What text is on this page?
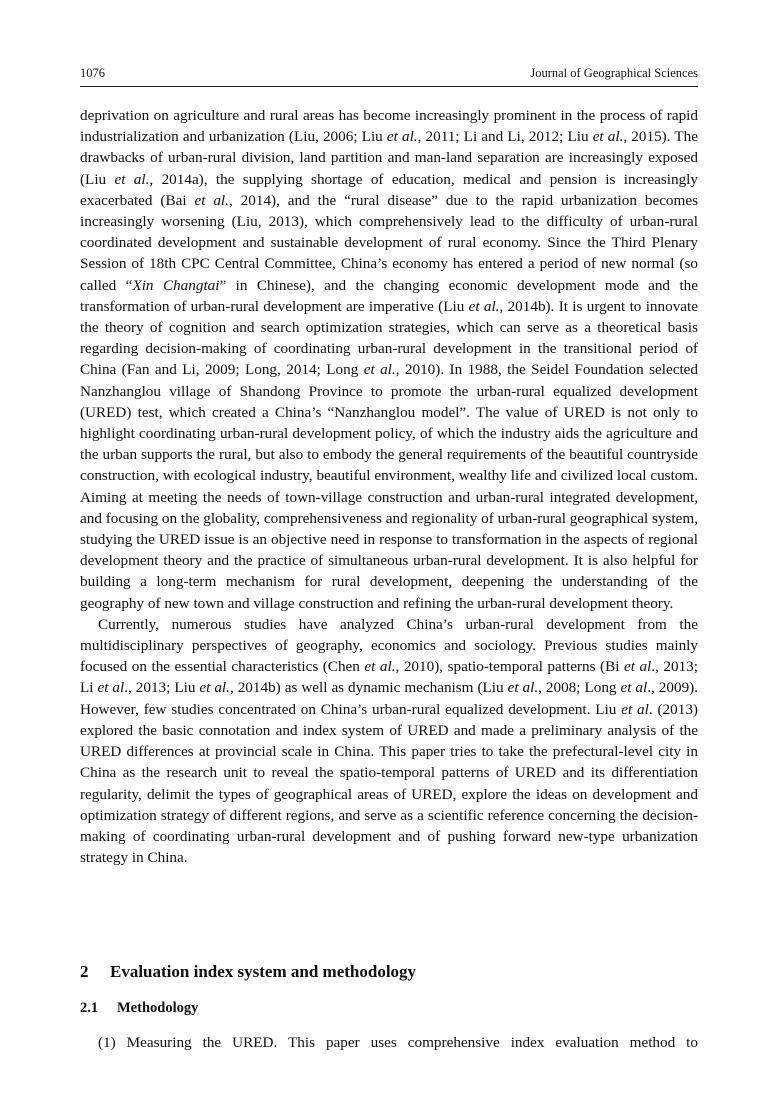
1076	Journal of Geographical Sciences

deprivation on agriculture and rural areas has become increasingly prominent in the process of rapid industrialization and urbanization (Liu, 2006; Liu et al., 2011; Li and Li, 2012; Liu et al., 2015). The drawbacks of urban-rural division, land partition and man-land separation are increasingly exposed (Liu et al., 2014a), the supplying shortage of education, medical and pension is increasingly exacerbated (Bai et al., 2014), and the “rural disease” due to the rapid urbanization becomes increasingly worsening (Liu, 2013), which comprehensively lead to the difficulty of urban-rural coordinated development and sustainable development of rural economy. Since the Third Plenary Session of 18th CPC Central Committee, China’s economy has entered a period of new normal (so called “Xin Changtai” in Chinese), and the changing economic development mode and the transformation of urban-rural development are imperative (Liu et al., 2014b). It is urgent to innovate the theory of cognition and search optimization strategies, which can serve as a theoretical basis regarding decision-making of coordinating urban-rural development in the transitional period of China (Fan and Li, 2009; Long, 2014; Long et al., 2010). In 1988, the Seidel Foundation selected Nanzhanglou village of Shandong Province to promote the urban-rural equalized development (URED) test, which created a China’s “Nanzhanglou model”. The value of URED is not only to highlight coordinating urban-rural development policy, of which the industry aids the agriculture and the urban supports the rural, but also to embody the general requirements of the beautiful countryside construction, with ecological industry, beautiful environment, wealthy life and civilized local custom. Aiming at meeting the needs of town-village construction and urban-rural integrated development, and focusing on the globality, comprehensiveness and regionality of urban-rural geographical system, studying the URED issue is an objective need in response to transformation in the aspects of regional development theory and the practice of simultaneous urban-rural development. It is also helpful for building a long-term mechanism for rural development, deepening the understanding of the geography of new town and village construction and refining the urban-rural development theory.

Currently, numerous studies have analyzed China’s urban-rural development from the multidisciplinary perspectives of geography, economics and sociology. Previous studies mainly focused on the essential characteristics (Chen et al., 2010), spatio-temporal patterns (Bi et al., 2013; Li et al., 2013; Liu et al., 2014b) as well as dynamic mechanism (Liu et al., 2008; Long et al., 2009). However, few studies concentrated on China’s urban-rural equalized development. Liu et al. (2013) explored the basic connotation and index system of URED and made a preliminary analysis of the URED differences at provincial scale in China. This paper tries to take the prefectural-level city in China as the research unit to reveal the spatio-temporal patterns of URED and its differentiation regularity, delimit the types of geographical areas of URED, explore the ideas on development and optimization strategy of different regions, and serve as a scientific reference concerning the decision-making of coordinating urban-rural development and of pushing forward new-type urbanization strategy in China.

2 Evaluation index system and methodology
2.1 Methodology
(1) Measuring the URED. This paper uses comprehensive index evaluation method to
